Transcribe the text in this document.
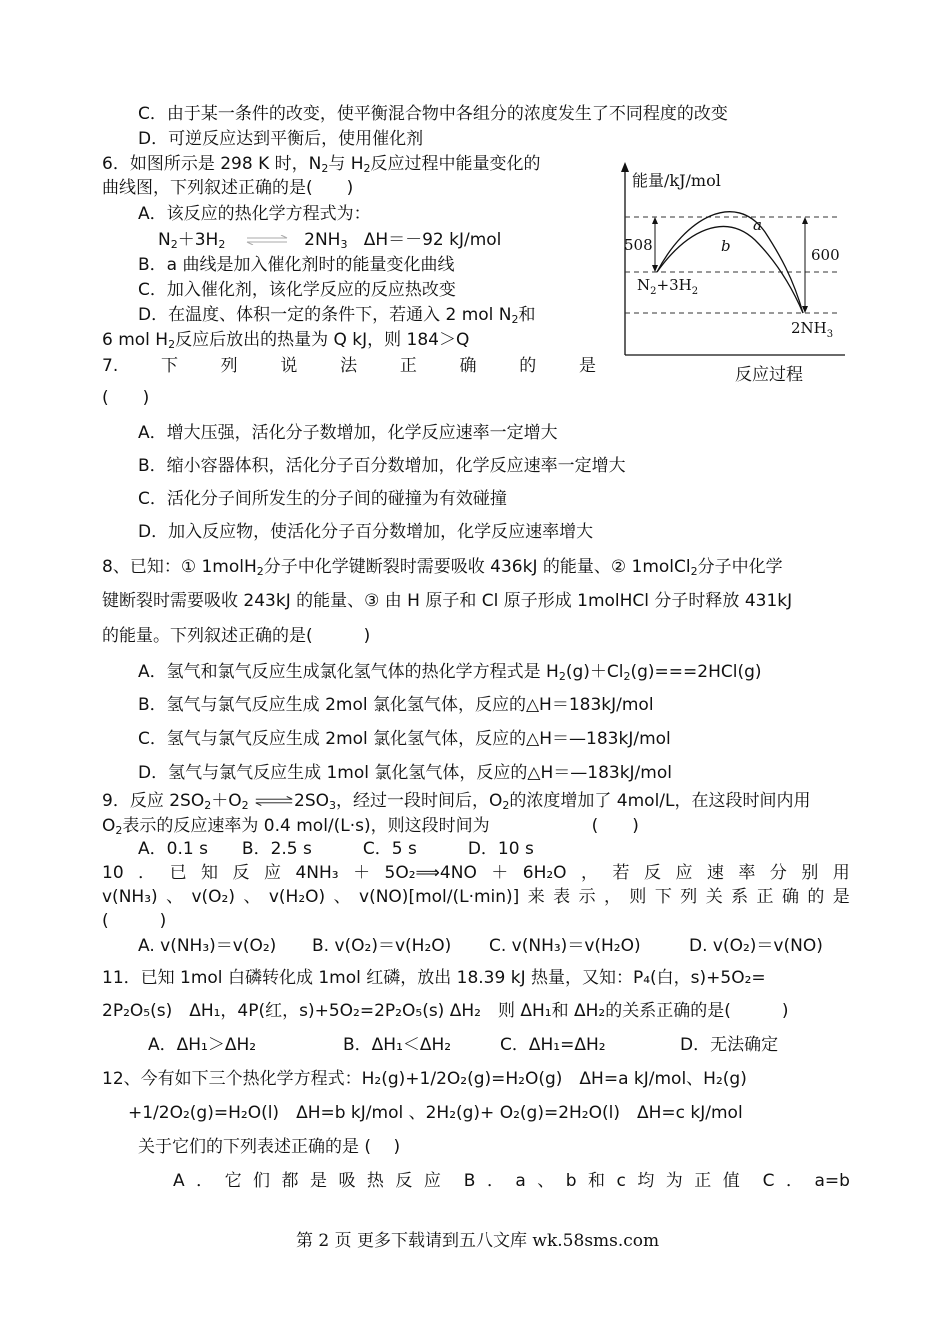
C．由于某一条件的改变，使平衡混合物中各组分的浓度发生了不同程度的改变
D．可逆反应达到平衡后，使用催化剂
6．如图所示是 298 K 时，$N_2$与 $H_2$反应过程中能量变化的
曲线图，下列叙述正确的是(　　)
A．该反应的热化学方程式为：
$N_2+3H_2$ ⇌ $2NH_3$ ΔH＝－92 kJ/mol
B．a 曲线是加入催化剂时的能量变化曲线
C．加入催化剂，该化学反应的反应热改变
D．在温度、体积一定的条件下，若通入 2 mol $N_2$和
6 mol $H_2$反应后放出的热量为 Q kJ，则 184＞Q
7.	下	列	说	法	正	确	的	是
(　　)
A．增大压强，活化分子数增加，化学反应速率一定增大
B．缩小容器体积，活化分子百分数增加，化学反应速率一定增大
C．活化分子间所发生的分子间的碰撞为有效碰撞
D．加入反应物，使活化分子百分数增加，化学反应速率增大
8、已知：① 1molH$_2$分子中化学键断裂时需要吸收 436kJ 的能量、② 1molCl$_2$分子中化学
键断裂时需要吸收 243kJ 的能量、③ 由 H 原子和 Cl 原子形成 1molHCl 分子时释放 431kJ
的能量。下列叙述正确的是(　　　)
A．氢气和氯气反应生成氯化氢气体的热化学方程式是 $H_2(g)+Cl_2(g)===2HCl(g)$
B．氢气与氯气反应生成 2mol 氯化氢气体，反应的△H＝183kJ/mol
C．氢气与氯气反应生成 2mol 氯化氢气体，反应的△H＝—183kJ/mol
D．氢气与氯气反应生成 1mol 氯化氢气体，反应的△H＝—183kJ/mol
9．反应 $2SO_2+O_2$ $\rightleftharpoons 2SO_3$，经过一段时间后，$O_2$的浓度增加了 4mol/L，在这段时间内用
$O_2$表示的反应速率为 0.4 mol/(L·s)，则这段时间为　　　　　　(　　)
A．0.1 s　　B．2.5 s　　　C．5 s　　　D．10 s
10 ． 已 知 反 应 4NH₃ ＋ 5O₂⟹4NO ＋ 6H₂O ， 若 反 应 速 率 分 别 用
v(NH₃) 、 v(O₂) 、 v(H₂O) 、 v(NO)[mol/(L·min)] 来 表 示 ， 则 下 列 关 系 正 确 的 是
(　　　)
A. v(NH₃)＝v(O₂) B. v(O₂)＝v(H₂O) C. v(NH₃)＝v(H₂O)	D. v(O₂)＝v(NO)
11．已知 1mol 白磷转化成 1mol 红磷，放出 18.39 kJ 热量，又知：P₄(白，s)+5O₂=
2P₂O₅(s)　ΔH₁，4P(红，s)+5O₂=2P₂O₅(s) ΔH₂　则 ΔH₁和 ΔH₂的关系正确的是(　　　)
A．ΔH₁＞ΔH₂	B．ΔH₁＜ΔH₂	C．ΔH₁=ΔH₂	D．无法确定
12、今有如下三个热化学方程式：H₂(g)+1/2O₂(g)=H₂O(g)　ΔH=a kJ/mol、H₂(g)
+1/2O₂(g)=H₂O(l)　ΔH=b kJ/mol 、2H₂(g)+ O₂(g)=2H₂O(l)　ΔH=c kJ/mol
关于它们的下列表述正确的是 (　 )
A ． 它 们 都 是 吸 热 反 应 B ． a 、 b 和 c 均 为 正 值 C ． a=b
第 2 页 更多下载请到五八文库 wk.58sms.com
能量/kJ/mol
反应过程
508
600
a
b
$N_2+3H_2$
$2NH_3$
